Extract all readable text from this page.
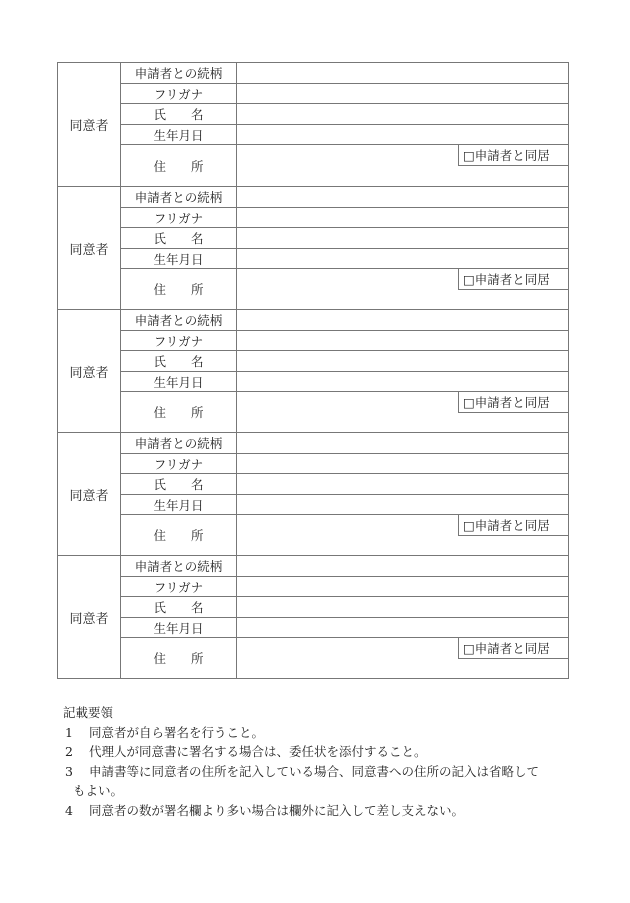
同意者
申請者との続柄
フリガナ
氏　　名
生年月日
住　　所
□申請者と同居
同意者
申請者との続柄
フリガナ
氏　　名
生年月日
住　　所
□申請者と同居
同意者
申請者との続柄
フリガナ
氏　　名
生年月日
住　　所
□申請者と同居
同意者
申請者との続柄
フリガナ
氏　　名
生年月日
住　　所
□申請者と同居
同意者
申請者との続柄
フリガナ
氏　　名
生年月日
住　　所
□申請者と同居
記載要領
1 同意者が自ら署名を行うこと。
2 代理人が同意書に署名する場合は、委任状を添付すること。
3 申請書等に同意者の住所を記入している場合、同意書への住所の記入は省略して
もよい。
4 同意者の数が署名欄より多い場合は欄外に記入して差し支えない。
